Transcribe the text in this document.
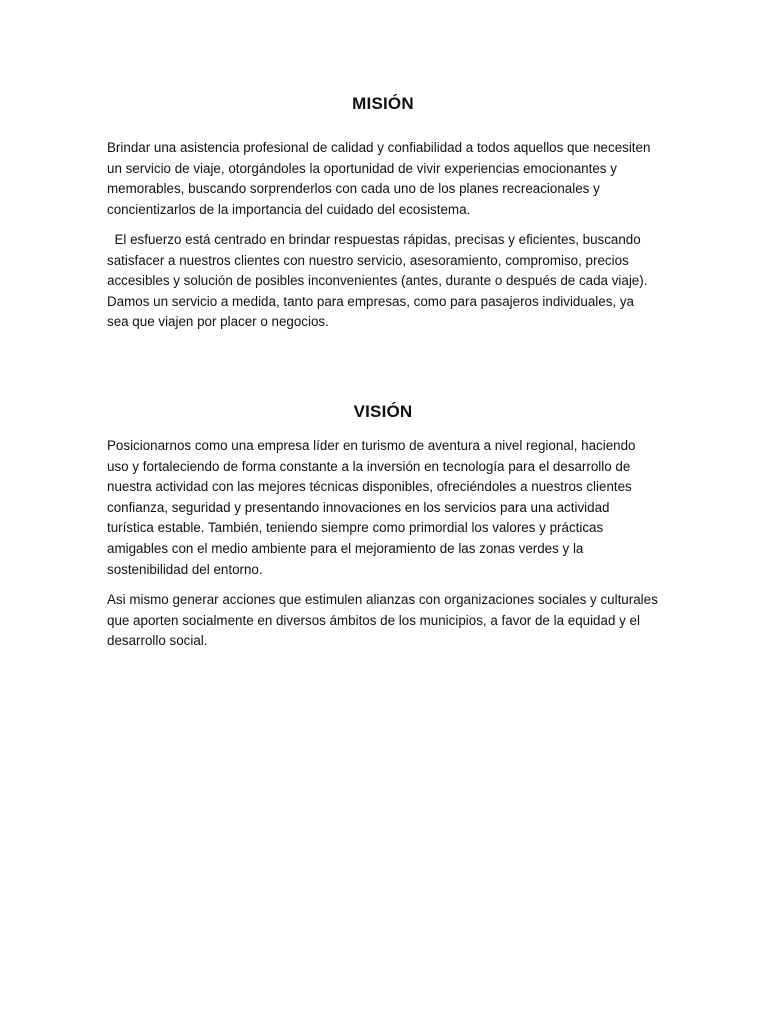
MISIÓN

Brindar una asistencia profesional de calidad y confiabilidad a todos aquellos que necesiten un servicio de viaje, otorgándoles la oportunidad de vivir experiencias emocionantes y memorables, buscando sorprenderlos con cada uno de los planes recreacionales y concientizarlos de la importancia del cuidado del ecosistema.

El esfuerzo está centrado en brindar respuestas rápidas, precisas y eficientes, buscando satisfacer a nuestros clientes con nuestro servicio, asesoramiento, compromiso, precios accesibles y solución de posibles inconvenientes (antes, durante o después de cada viaje). Damos un servicio a medida, tanto para empresas, como para pasajeros individuales, ya sea que viajen por placer o negocios.

VISIÓN

Posicionarnos como una empresa líder en turismo de aventura a nivel regional, haciendo uso y fortaleciendo de forma constante a la inversión en tecnología para el desarrollo de nuestra actividad con las mejores técnicas disponibles, ofreciéndoles a nuestros clientes confianza, seguridad y presentando innovaciones en los servicios para una actividad turística estable. También, teniendo siempre como primordial los valores y prácticas amigables con el medio ambiente para el mejoramiento de las zonas verdes y la sostenibilidad del entorno.

Asi mismo generar acciones que estimulen alianzas con organizaciones sociales y culturales que aporten socialmente en diversos ámbitos de los municipios, a favor de la equidad y el desarrollo social.
